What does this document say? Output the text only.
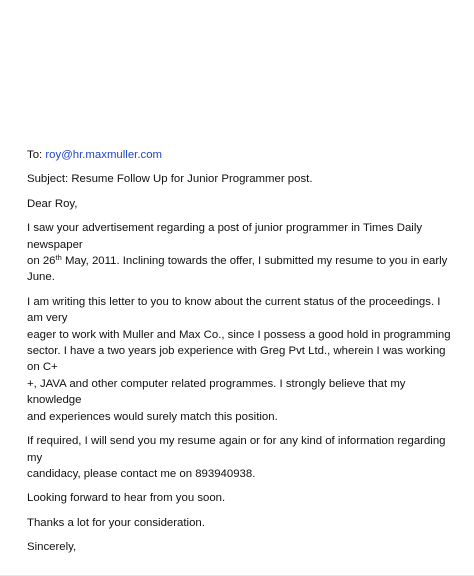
To: roy@hr.maxmuller.com

Subject: Resume Follow Up for Junior Programmer post.

Dear Roy,

I saw your advertisement regarding a post of junior programmer in Times Daily newspaper

on 26th May, 2011. Inclining towards the offer, I submitted my resume to you in early June.

I am writing this letter to you to know about the current status of the proceedings. I am very

eager to work with Muller and Max Co., since I possess a good hold in programming

sector. I have a two years job experience with Greg Pvt Ltd., wherein I was working on C+

+, JAVA and other computer related programmes. I strongly believe that my knowledge

and experiences would surely match this position.

If required, I will send you my resume again or for any kind of information regarding my

candidacy, please contact me on 893940938.

Looking forward to hear from you soon.

Thanks a lot for your consideration.

Sincerely,
